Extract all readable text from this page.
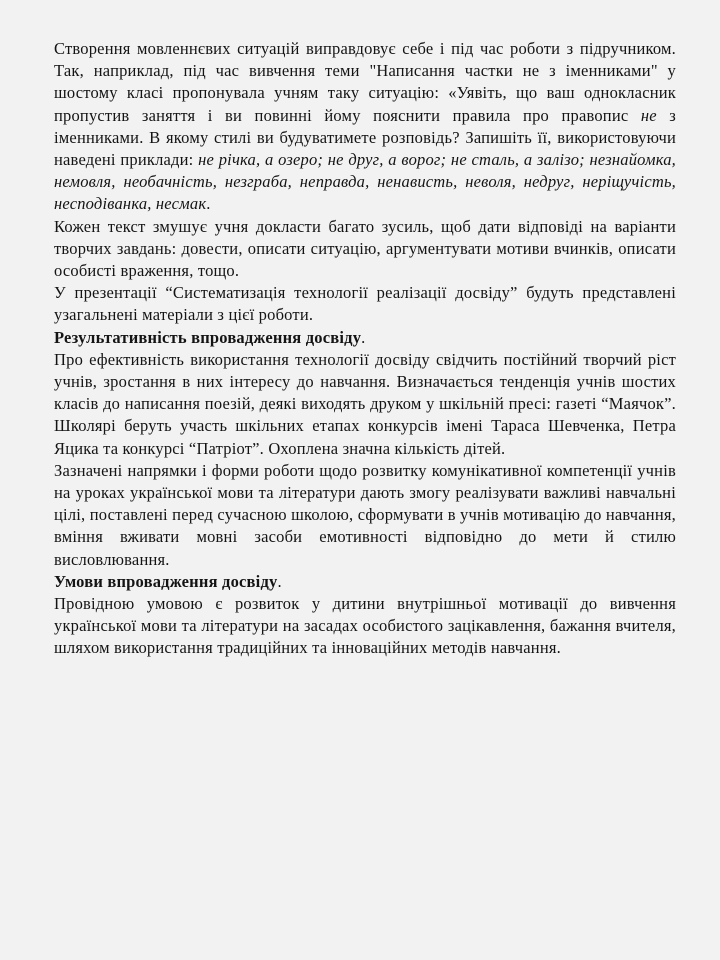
Створення мовленнєвих ситуацій виправдовує себе і під час роботи з підручником. Так, наприклад, під час вивчення теми "Написання частки не з іменниками" у шостому класі пропонувала учням таку ситуацію: «Уявіть, що ваш однокласник пропустив заняття і ви повинні йому пояснити правила про правопис не з іменниками. В якому стилі ви будуватимете розповідь? Запишіть її, використовуючи наведені приклади: не річка, а озеро; не друг, а ворог; не сталь, а залізо; незнайомка, немовля, необачність, незграба, неправда, ненависть, неволя, недруг, неріщучість, несподіванка, несмак.

Кожен текст змушує учня докласти багато зусиль, щоб дати відповіді на варіанти творчих завдань: довести, описати ситуацію, аргументувати мотиви вчинків, описати особисті враження, тощо.

У презентації “Систематизація технології реалізації досвіду” будуть представлені узагальнені матеріали з цієї роботи.

Результативність впровадження досвіду.

Про ефективність використання технології досвіду свідчить постійний творчий ріст учнів, зростання в них інтересу до навчання. Визначається тенденція учнів шостих класів до написання поезій, деякі виходять друком у шкільній пресі: газеті “Маячок”. Школярі беруть участь шкільних етапах конкурсів імені Тараса Шевченка, Петра Яцика та конкурсі “Патріот”. Охоплена значна кількість дітей.

Зазначені напрямки і форми роботи щодо розвитку комунікативної компетенції учнів на уроках української мови та літератури дають змогу реалізувати важливі навчальні цілі, поставлені перед сучасною школою, сформувати в учнів мотивацію до навчання, вміння вживати мовні засоби емотивності відповідно до мети й стилю висловлювання.

Умови впровадження досвіду.

Провідною умовою є розвиток у дитини внутрішньої мотивації до вивчення української мови та літератури на засадах особистого зацікавлення, бажання вчителя, шляхом використання традиційних та інноваційних методів навчання.
